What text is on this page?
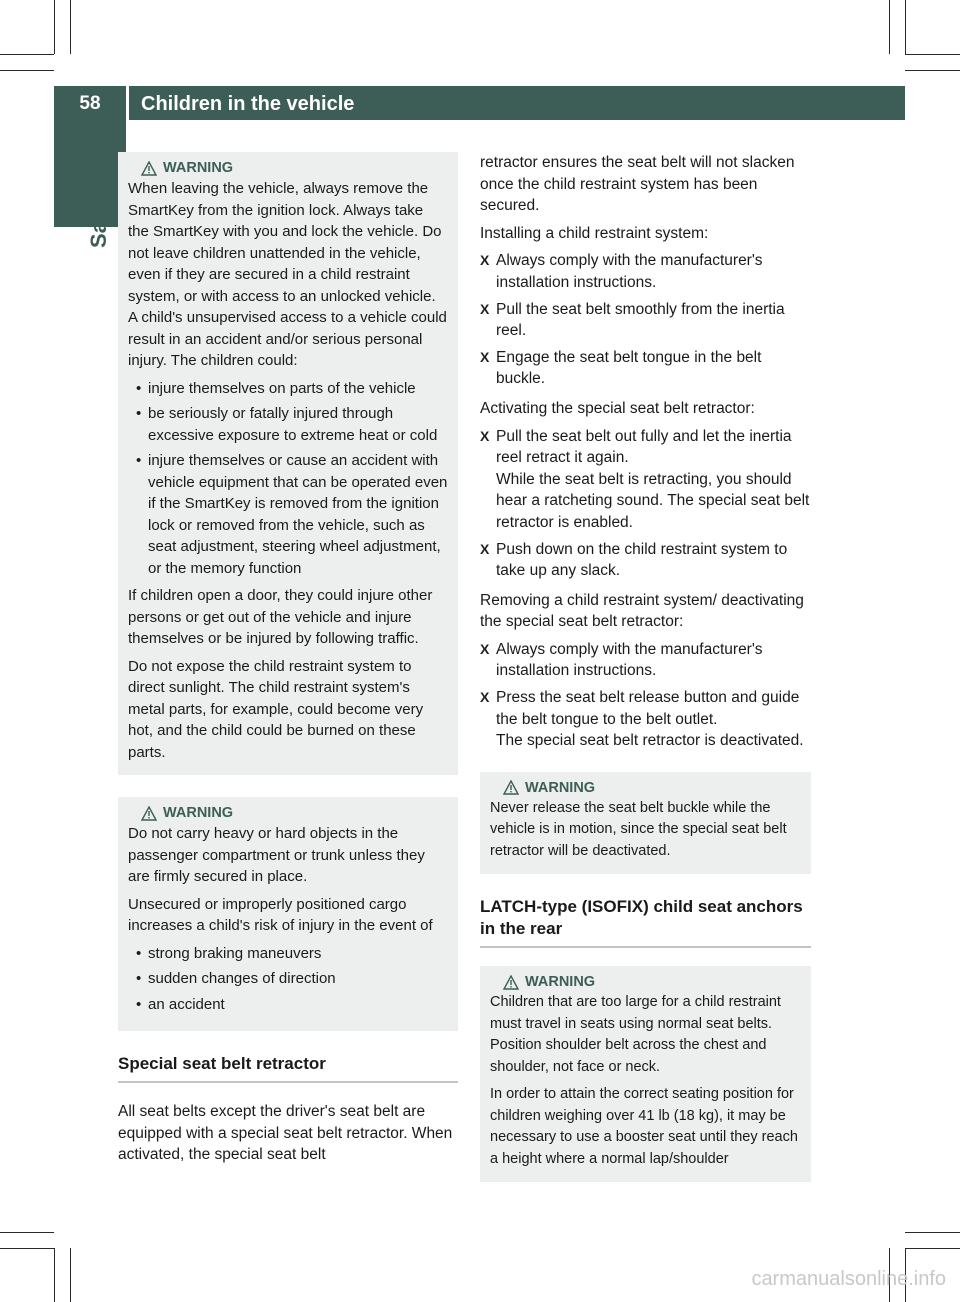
58	Children in the vehicle
Safety
WARNING

When leaving the vehicle, always remove the SmartKey from the ignition lock. Always take the SmartKey with you and lock the vehicle. Do not leave children unattended in the vehicle, even if they are secured in a child restraint system, or with access to an unlocked vehicle. A child's unsupervised access to a vehicle could result in an accident and/or serious personal injury. The children could:

• injure themselves on parts of the vehicle
• be seriously or fatally injured through excessive exposure to extreme heat or cold
• injure themselves or cause an accident with vehicle equipment that can be operated even if the SmartKey is removed from the ignition lock or removed from the vehicle, such as seat adjustment, steering wheel adjustment, or the memory function

If children open a door, they could injure other persons or get out of the vehicle and injure themselves or be injured by following traffic.

Do not expose the child restraint system to direct sunlight. The child restraint system's metal parts, for example, could become very hot, and the child could be burned on these parts.

WARNING

Do not carry heavy or hard objects in the passenger compartment or trunk unless they are firmly secured in place.

Unsecured or improperly positioned cargo increases a child's risk of injury in the event of

• strong braking maneuvers
• sudden changes of direction
• an accident
Special seat belt retractor

All seat belts except the driver's seat belt are equipped with a special seat belt retractor. When activated, the special seat belt

retractor ensures the seat belt will not slacken once the child restraint system has been secured.

Installing a child restraint system:

X Always comply with the manufacturer's installation instructions.
X Pull the seat belt smoothly from the inertia reel.
X Engage the seat belt tongue in the belt buckle.

Activating the special seat belt retractor:

X Pull the seat belt out fully and let the inertia reel retract it again.
While the seat belt is retracting, you should hear a ratcheting sound. The special seat belt retractor is enabled.
X Push down on the child restraint system to take up any slack.

Removing a child restraint system/ deactivating the special seat belt retractor:

X Always comply with the manufacturer's installation instructions.
X Press the seat belt release button and guide the belt tongue to the belt outlet.
The special seat belt retractor is deactivated.
WARNING

Never release the seat belt buckle while the vehicle is in motion, since the special seat belt retractor will be deactivated.

LATCH-type (ISOFIX) child seat anchors in the rear
WARNING

Children that are too large for a child restraint must travel in seats using normal seat belts. Position shoulder belt across the chest and shoulder, not face or neck.

In order to attain the correct seating position for children weighing over 41 lb (18 kg), it may be necessary to use a booster seat until they reach a height where a normal lap/shoulder

carmanualsonline.info
